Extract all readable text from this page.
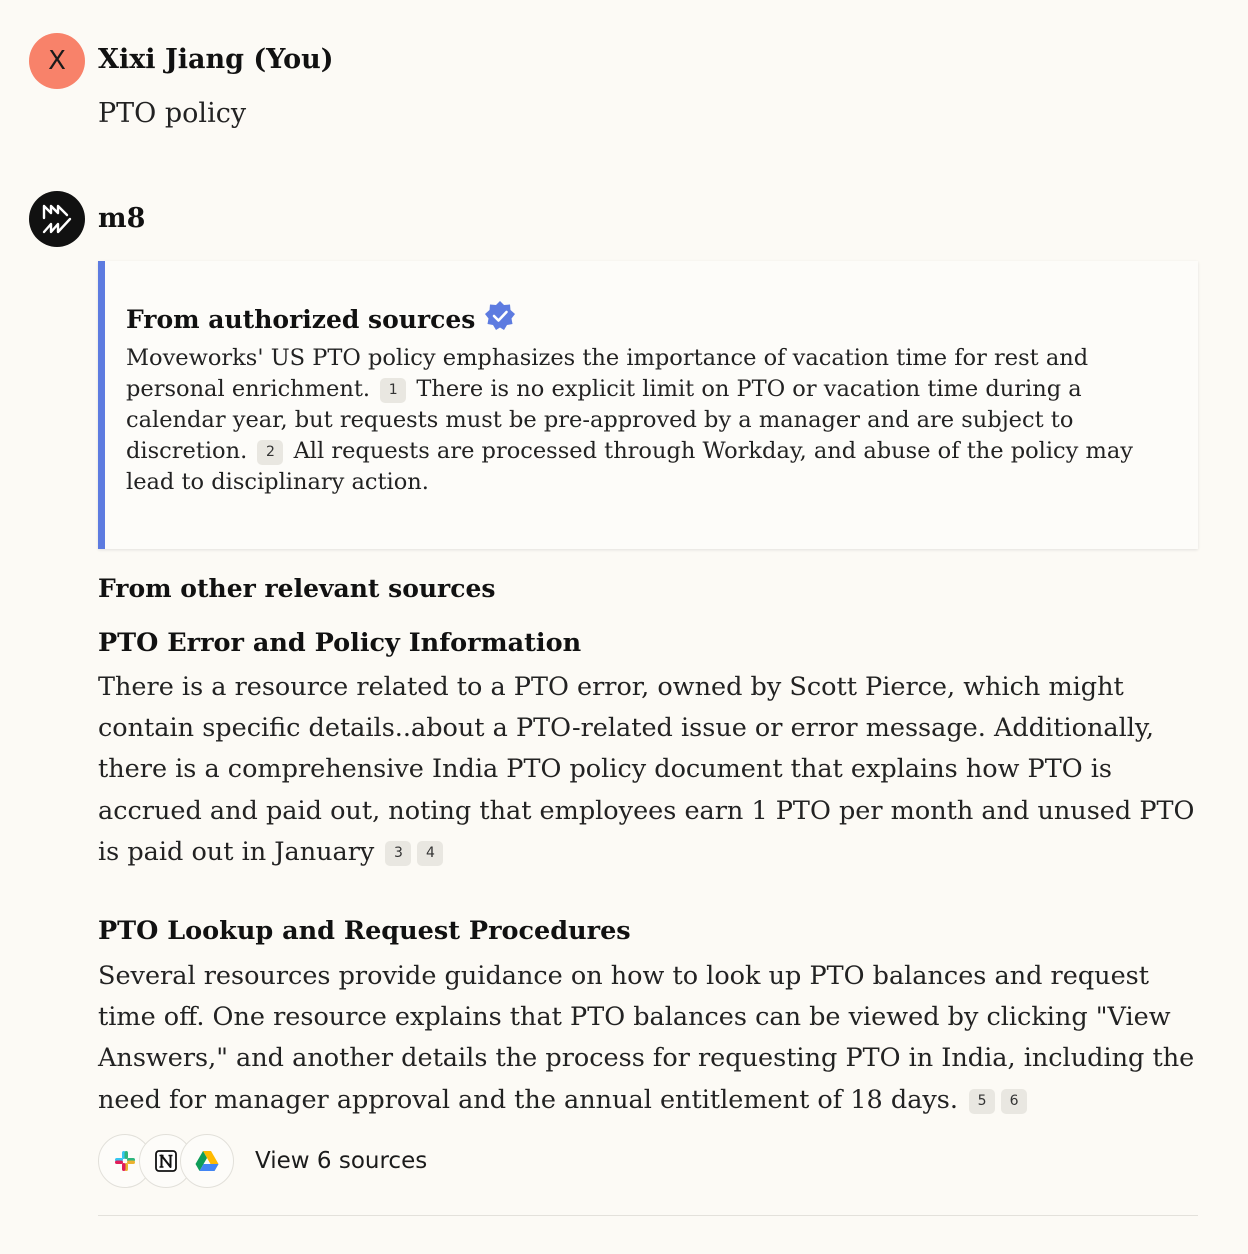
X Xixi Jiang (You)
PTO policy
m8
From authorized sources
Moveworks' US PTO policy emphasizes the importance of vacation time for rest and personal enrichment. 1 There is no explicit limit on PTO or vacation time during a calendar year, but requests must be pre-approved by a manager and are subject to discretion. 2 All requests are processed through Workday, and abuse of the policy may lead to disciplinary action.
From other relevant sources
PTO Error and Policy Information
There is a resource related to a PTO error, owned by Scott Pierce, which might contain specific details..about a PTO-related issue or error message. Additionally, there is a comprehensive India PTO policy document that explains how PTO is accrued and paid out, noting that employees earn 1 PTO per month and unused PTO is paid out in January 3 4
PTO Lookup and Request Procedures
Several resources provide guidance on how to look up PTO balances and request time off. One resource explains that PTO balances can be viewed by clicking "View Answers," and another details the process for requesting PTO in India, including the need for manager approval and the annual entitlement of 18 days. 5 6
View 6 sources
